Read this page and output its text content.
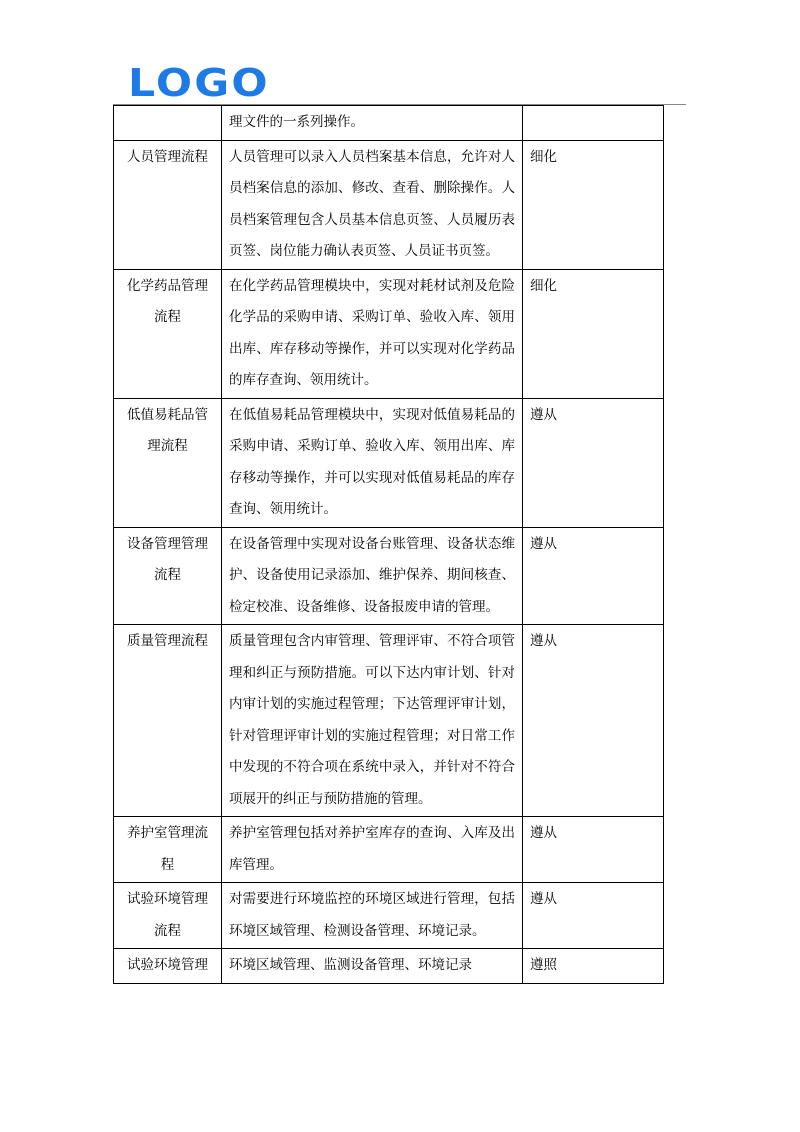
LOGO
	理文件的一系列操作。	
人员管理流程	人员管理可以录入人员档案基本信息，允许对人员档案信息的添加、修改、查看、删除操作。人员档案管理包含人员基本信息页签、人员履历表页签、岗位能力确认表页签、人员证书页签。	细化
化学药品管理流程	在化学药品管理模块中，实现对耗材试剂及危险化学品的采购申请、采购订单、验收入库、领用出库、库存移动等操作，并可以实现对化学药品的库存查询、领用统计。	细化
低值易耗品管理流程	在低值易耗品管理模块中，实现对低值易耗品的采购申请、采购订单、验收入库、领用出库、库存移动等操作，并可以实现对低值易耗品的库存查询、领用统计。	遵从
设备管理管理流程	在设备管理中实现对设备台账管理、设备状态维护、设备使用记录添加、维护保养、期间核查、检定校准、设备维修、设备报废申请的管理。	遵从
质量管理流程	质量管理包含内审管理、管理评审、不符合项管理和纠正与预防措施。可以下达内审计划、针对内审计划的实施过程管理；下达管理评审计划，针对管理评审计划的实施过程管理；对日常工作中发现的不符合项在系统中录入，并针对不符合项展开的纠正与预防措施的管理。	遵从
养护室管理流程	养护室管理包括对养护室库存的查询、入库及出库管理。	遵从
试验环境管理流程	对需要进行环境监控的环境区域进行管理，包括环境区域管理、检测设备管理、环境记录。	遵从
试验环境管理	环境区域管理、监测设备管理、环境记录	遵照
